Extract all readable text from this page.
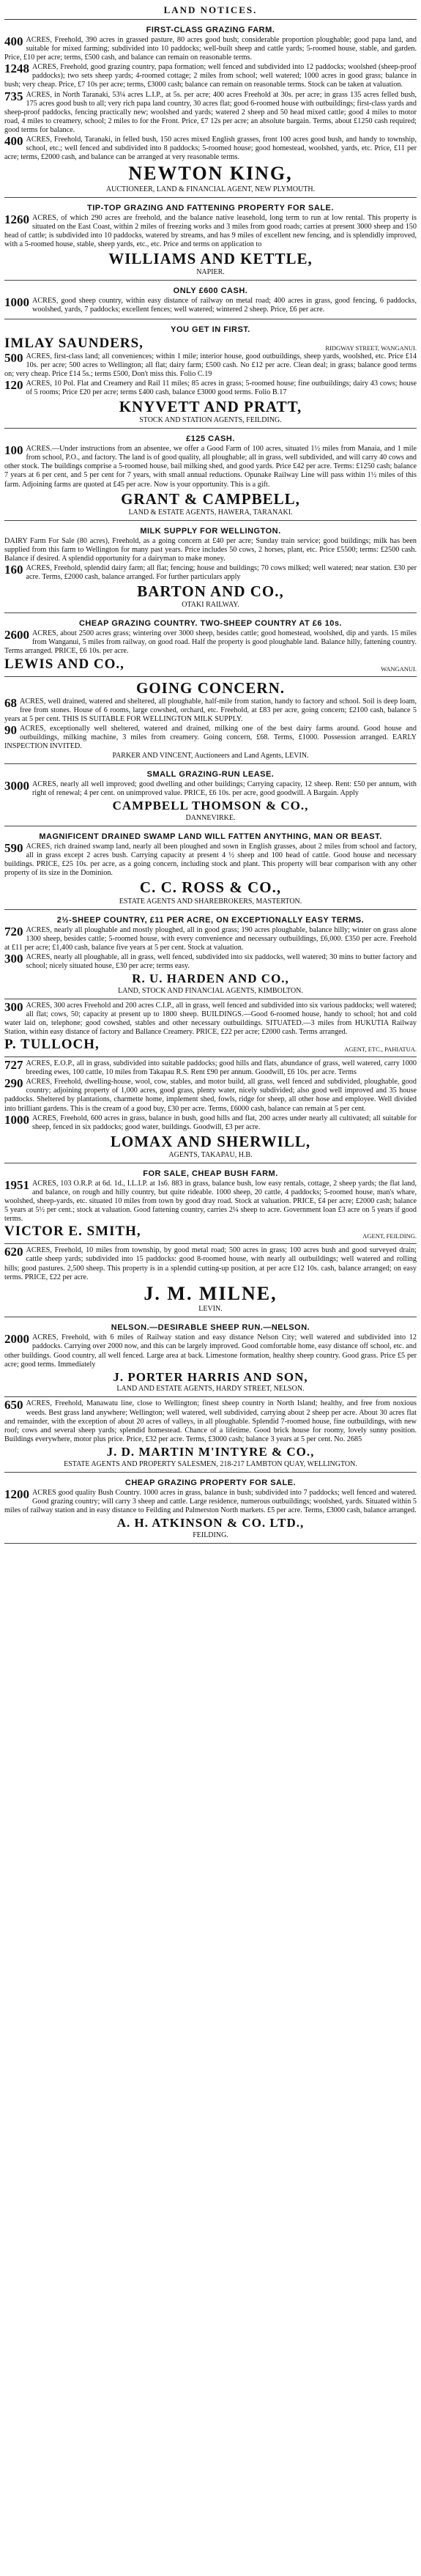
LAND NOTICES.
FIRST-CLASS GRAZING FARM.
400 ACRES, Freehold, 390 acres in grassed pasture, 80 acres good bush; considerable proportion ploughable; good papa land, and suitable for mixed farming; subdivided into 10 paddocks; well-built sheep and cattle yards; 5-roomed house, stable, and garden. Price, £10 per acre; terms, £500 cash, and balance can remain on reasonable terms.
1248 ACRES, Freehold, good grazing country, papa formation; well fenced and subdivided into 12 paddocks; woolshed (sheep-proof paddocks); two sets sheep yards; 4-roomed cottage; 2 miles from school; well watered; 1000 acres in good grass; balance in bush; very cheap. Price, £7 10s per acre; terms, £3000 cash; balance can remain on reasonable terms. Stock can be taken at valuation.
735 ACRES, in North Taranaki, 53¼ acres L.I.P., at 5s. per acre; 400 acres Freehold at 30s. per acre; in grass 135 acres felled bush, 175 acres good bush to all; very rich papa land country, 30 acres flat; good 6-roomed house with outbuildings; first-class yards and sheep-proof paddocks, fencing practically new; woolshed and yards; watered 2 sheep and 50 head mixed cattle; good 4 miles to motor road, 4 miles to creamery, school; 2 miles to for the Front. Price, £7 12s per acre; an absolute bargain. Terms, about £1250 cash required; good terms for balance.
400 ACRES, Freehold, Taranaki, in felled bush, 150 acres mixed English grasses, front 100 acres good bush, and handy to township, school, etc.; well fenced and subdivided into 8 paddocks; 5-roomed house; good homestead, woolshed, yards, etc. Price, £11 per acre; terms, £2000 cash, and balance can be arranged at very reasonable terms.
NEWTON KING,
AUCTIONEER, LAND & FINANCIAL AGENT, NEW PLYMOUTH.
TIP-TOP GRAZING AND FATTENING PROPERTY FOR SALE.
1260 ACRES, of which 290 acres are freehold, and the balance native leasehold, long term to run at low rental. This property is situated on the East Coast, within 2 miles of freezing works and 3 miles from good roads; carries at present 3000 sheep and 150 head of cattle; is subdivided into 10 paddocks, watered by streams, and has 9 miles of excellent new fencing, and is splendidly improved, with a 5-roomed house, stable, sheep yards, etc., etc. Price and terms on application to
WILLIAMS AND KETTLE,
NAPIER.
ONLY £600 CASH.
1000 ACRES, good sheep country, within easy distance of railway on metal road; 400 acres in grass, good fencing, 6 paddocks, woolshed, yards, 7 paddocks; excellent fences; well watered; wintered 2 sheep. Price, £6 per acre.
YOU GET IN FIRST.
IMLAY SAUNDERS,	RIDGWAY STREET, WANGANUI.
500 ACRES, first-class land; all conveniences; within 1 mile; interior house, good outbuildings, sheep yards, woolshed, etc. Price £14 10s. per acre; 500 acres to Wellington; all flat; dairy farm; £500 cash. No £12 per acre. Clean deal; in grass; balance good terms on; very cheap. Price £14 5s.; terms £500, Don't miss this. Folio C.19
120 ACRES, 10 Pol. Flat and Creamery and Rail 11 miles; 85 acres in grass; 5-roomed house; fine outbuildings; dairy 43 cows; house of 5 rooms; Price £20 per acre; terms £400 cash, balance £3000 good terms. Folio B.17
KNYVETT AND PRATT,
STOCK AND STATION AGENTS, FEILDING.
£125 CASH.
100 ACRES.—Under instructions from an absentee, we offer a Good Farm of 100 acres, situated 1½ miles from Manaia, and 1 mile from school, P.O., and factory. The land is of good quality, all ploughable; all in grass, well subdivided, and will carry 40 cows and other stock. The buildings comprise a 5-roomed house, bail milking shed, and good yards. Price £42 per acre. Terms: £1250 cash; balance 7 years at 6 per cent, and 5 per cent for 7 years, with small annual reductions. Opunake Railway Line will pass within 1½ miles of this farm. Adjoining farms are quoted at £45 per acre. Now is your opportunity. This is a gift.
GRANT & CAMPBELL,
LAND & ESTATE AGENTS, HAWERA, TARANAKI.
MILK SUPPLY FOR WELLINGTON.
DAIRY Farm For Sale (80 acres), Freehold, as a going concern at £40 per acre; Sunday train service; good buildings; milk has been supplied from this farm to Wellington for many past years. Price includes 50 cows, 2 horses, plant, etc. Price £5500; terms: £2500 cash. Balance if desired. A splendid opportunity for a dairyman to make money.
160 ACRES, Freehold, splendid dairy farm; all flat; fencing; house and buildings; 70 cows milked; well watered; near station. £30 per acre. Terms, £2000 cash, balance arranged. For further particulars apply
BARTON AND CO.,
OTAKI RAILWAY.
CHEAP GRAZING COUNTRY. TWO-SHEEP COUNTRY AT £6 10s.
2600 ACRES, about 2500 acres grass; wintering over 3000 sheep, besides cattle; good homestead, woolshed, dip and yards. 15 miles from Wanganui, 5 miles from railway, on good road. Half the property is good ploughable land. Balance hilly, fattening country. Terms arranged. PRICE, £6 10s. per acre.
LEWIS AND CO.,	WANGANUI.
GOING CONCERN.
68 ACRES, well drained, watered and sheltered, all ploughable, half-mile from station, handy to factory and school. Soil is deep loam, free from stones. House of 6 rooms, large cowshed, orchard, etc. Freehold, at £83 per acre, going concern; £2100 cash, balance 5 years at 5 per cent. THIS IS SUITABLE FOR WELLINGTON MILK SUPPLY.
90 ACRES, exceptionally well sheltered, watered and drained, milking one of the best dairy farms around. Good house and outbuildings, milking machine, 3 miles from creamery. Going concern, £68. Terms, £1000. Possession arranged. EARLY INSPECTION INVITED.
PARKER AND VINCENT, Auctioneers and Land Agents, LEVIN.
SMALL GRAZING-RUN LEASE.
3000 ACRES, nearly all well improved; good dwelling and other buildings; Carrying capacity, 12 sheep. Rent: £50 per annum, with right of renewal; 4 per cent. on unimproved value. PRICE, £6 10s. per acre, good goodwill. A Bargain. Apply
CAMPBELL THOMSON & CO.,
DANNEVIRKE.
MAGNIFICENT DRAINED SWAMP LAND WILL FATTEN ANYTHING, MAN OR BEAST.
590 ACRES, rich drained swamp land, nearly all been ploughed and sown in English grasses, about 2 miles from school and factory, all in grass except 2 acres bush. Carrying capacity at present 4 ½ sheep and 100 head of cattle. Good house and necessary buildings. PRICE, £25 10s. per acre, as a going concern, including stock and plant. This property will bear comparison with any other property of its size in the Dominion.
C. C. ROSS & CO.,
ESTATE AGENTS AND SHAREBROKERS, MASTERTON.
2½-SHEEP COUNTRY, £11 PER ACRE, ON EXCEPTIONALLY EASY TERMS.
720 ACRES, nearly all ploughable and mostly ploughed, all in good grass; 190 acres ploughable, balance hilly; winter on grass alone 1300 sheep, besides cattle; 5-roomed house, with every convenience and necessary outbuildings, £6,000. £350 per acre. Freehold at £11 per acre; £1,400 cash, balance five years at 5 per cent. Stock at valuation.
300 ACRES, nearly all ploughable, all in grass, well fenced, subdivided into six paddocks, well watered; 30 mins to butter factory and school; nicely situated house, £30 per acre; terms easy.
R. U. HARDEN AND CO.,
LAND, STOCK AND FINANCIAL AGENTS, KIMBOLTON.
300 ACRES, 300 acres Freehold and 200 acres C.I.P., all in grass, well fenced and subdivided into six various paddocks; well watered; all flat; cows, 50; capacity at present up to 1800 sheep. BUILDINGS.—Good 6-roomed house, handy to school; hot and cold water laid on, telephone; good cowshed, stables and other necessary outbuildings. SITUATED.—3 miles from HUKUTIA Railway Station, within easy distance of factory and Ballance Creamery. PRICE, £22 per acre; £2000 cash. Terms arranged.
P. TULLOCH,	AGENT, ETC., PAHIATUA.
727 ACRES, E.O.P., all in grass, subdivided into suitable paddocks; good hills and flats, abundance of grass, well watered, carry 1000 breeding ewes, 100 cattle, 10 miles from Takapau R.S. Rent £90 per annum. Goodwill, £6 10s. per acre. Terms
290 ACRES, Freehold, dwelling-house, wool, cow, stables, and motor build, all grass, well fenced and subdivided, ploughable, good country; adjoining property of 1,000 acres, good grass, plenty water, nicely subdivided; also good well improved and 35 house paddocks. Sheltered by plantations, charmette home, implement shed, fowls, ridge for sheep, all other hose and employee. Well divided into brilliant gardens. This is the cream of a good buy, £30 per acre. Terms, £6000 cash, balance can remain at 5 per cent.
1000 ACRES, Freehold, 600 acres in grass, balance in bush, good hills and flat, 200 acres under nearly all cultivated; all suitable for sheep, fenced in six paddocks; good water, buildings. Goodwill, £3 per acre.
LOMAX AND SHERWILL,
AGENTS, TAKAPAU, H.B.
FOR SALE, CHEAP BUSH FARM.
1951 ACRES, 103 O.R.P. at 6d. 1d., I.L.I.P. at 1s6. 883 in grass, balance bush, low easy rentals, cottage, 2 sheep yards; the flat land, and balance, on rough and hilly country, but quite rideable. 1000 sheep, 20 cattle, 4 paddocks; 5-roomed house, man's whare, woolshed, sheep-yards, etc. situated 10 miles from town by good dray road. Stock at valuation. PRICE, £4 per acre; £2000 cash; balance 5 years at 5½ per cent.; stock at valuation. Good fattening country, carries 2¼ sheep to acre. Government loan £3 acre on 5 years if good terms.
VICTOR E. SMITH,	AGENT, FEILDING.
620 ACRES, Freehold, 10 miles from township, by good metal road; 500 acres in grass; 100 acres bush and good surveyed drain; cattle sheep yards; subdivided into 15 paddocks: good 8-roomed house, with nearly all outbuildings; well watered and rolling hills; good pastures. 2,500 sheep. This property is in a splendid cutting-up position, at per acre £12 10s. cash, balance arranged; on easy terms. PRICE, £22 per acre.
J. M. MILNE,
LEVIN.
NELSON.—DESIRABLE SHEEP RUN.—NELSON.
2000 ACRES, Freehold, with 6 miles of Railway station and easy distance Nelson City; well watered and subdivided into 12 paddocks. Carrying over 2000 now, and this can be largely improved. Good comfortable home, easy distance off school, etc. and other buildings. Good country, all well fenced. Large area at back. Limestone formation, healthy sheep country. Good grass. Price £5 per acre; good terms. Immediately
J. PORTER HARRIS AND SON,
LAND AND ESTATE AGENTS, HARDY STREET, NELSON.
650 ACRES, Freehold, Manawatu line, close to Wellington; finest sheep country in North Island; healthy, and free from noxious weeds. Best grass land anywhere; Wellington; well watered, well subdivided, carrying about 2 sheep per acre. About 30 acres flat and remainder, with the exception of about 20 acres of valleys, in all ploughable. Splendid 7-roomed house, fine outbuildings, with new roof; cows and several sheep yards; splendid homestead. Chance of a lifetime. Good brick house for roomy, lovely sunny position. Buildings everywhere, motor plus price. Price, £32 per acre. Terms, £3000 cash; balance 3 years at 5 per cent. No. 2685
J. D. MARTIN M'INTYRE & CO.,
ESTATE AGENTS AND PROPERTY SALESMEN, 218-217 LAMBTON QUAY, WELLINGTON.
CHEAP GRAZING PROPERTY FOR SALE.
1200 ACRES good quality Bush Country. 1000 acres in grass, balance in bush; subdivided into 7 paddocks; well fenced and watered. Good grazing country; will carry 3 sheep and cattle. Large residence, numerous outbuildings; woolshed, yards. Situated within 5 miles of railway station and in easy distance to Feilding and Palmerston North markets. £5 per acre. Terms, £3000 cash, balance arranged.
A. H. ATKINSON & CO. LTD.,
FEILDING.
